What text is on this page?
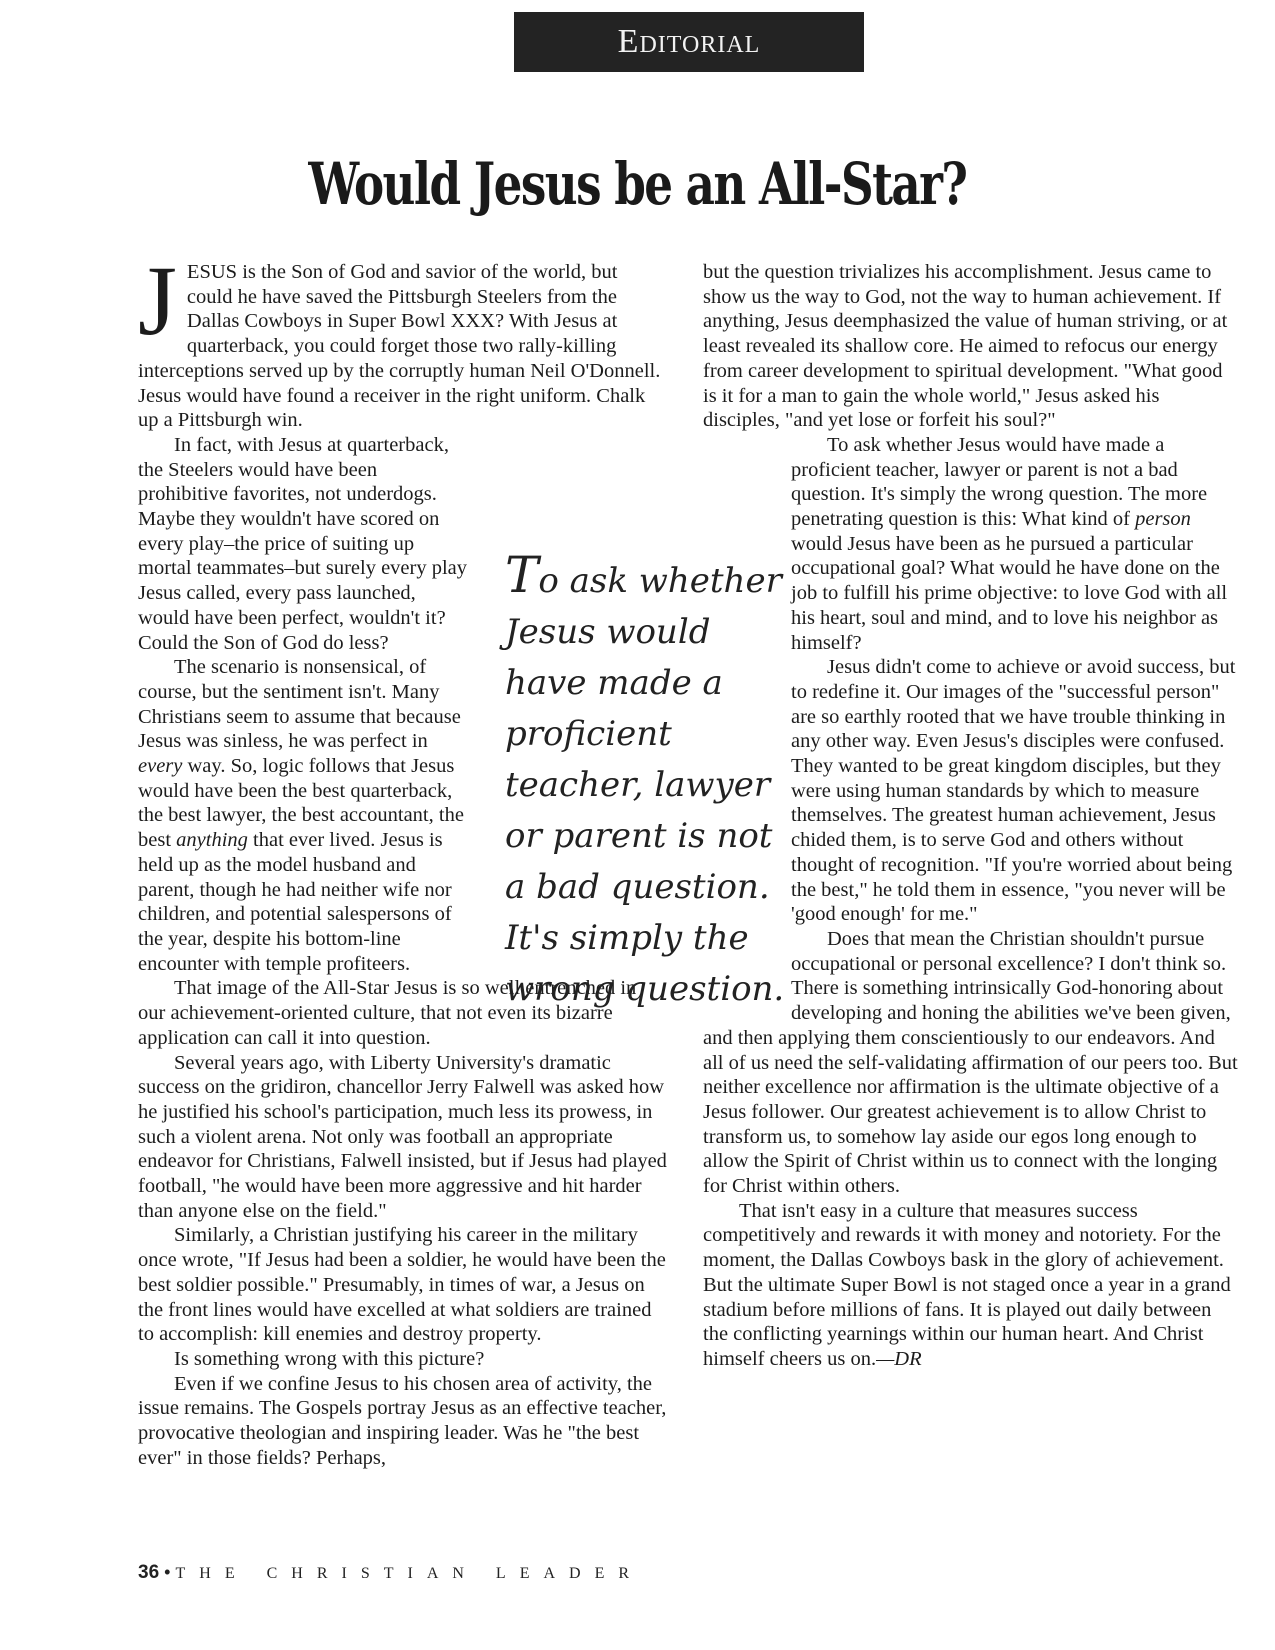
Editorial
Would Jesus be an All-Star?

JESUS is the Son of God and savior of the world, but could he have saved the Pittsburgh Steelers from the Dallas Cowboys in Super Bowl XXX? With Jesus at quarterback, you could forget those two rally-killing interceptions served up by the corruptly human Neil O'Donnell. Jesus would have found a receiver in the right uniform. Chalk up a Pittsburgh win.

In fact, with Jesus at quarterback, the Steelers would have been prohibitive favorites, not underdogs. Maybe they wouldn't have scored on every play–the price of suiting up mortal teammates–but surely every play Jesus called, every pass launched, would have been perfect, wouldn't it? Could the Son of God do less?

The scenario is nonsensical, of course, but the sentiment isn't. Many Christians seem to assume that because Jesus was sinless, he was perfect in every way. So, logic follows that Jesus would have been the best quarterback, the best lawyer, the best accountant, the best anything that ever lived. Jesus is held up as the model husband and parent, though he had neither wife nor children, and potential salespersons of the year, despite his bottom-line encounter with temple profiteers.

That image of the All-Star Jesus is so well entrenched in our achievement-oriented culture, that not even its bizarre application can call it into question.

Several years ago, with Liberty University's dramatic success on the gridiron, chancellor Jerry Falwell was asked how he justified his school's participation, much less its prowess, in such a violent arena. Not only was football an appropriate endeavor for Christians, Falwell insisted, but if Jesus had played football, "he would have been more aggressive and hit harder than anyone else on the field."

Similarly, a Christian justifying his career in the military once wrote, "If Jesus had been a soldier, he would have been the best soldier possible." Presumably, in times of war, a Jesus on the front lines would have excelled at what soldiers are trained to accomplish: kill enemies and destroy property.

Is something wrong with this picture?

Even if we confine Jesus to his chosen area of activity, the issue remains. The Gospels portray Jesus as an effective teacher, provocative theologian and inspiring leader. Was he "the best ever" in those fields? Perhaps,

but the question trivializes his accomplishment. Jesus came to show us the way to God, not the way to human achievement. If anything, Jesus deemphasized the value of human striving, or at least revealed its shallow core. He aimed to refocus our energy from career development to spiritual development. "What good is it for a man to gain the whole world," Jesus asked his disciples, "and yet lose or forfeit his soul?"

To ask whether Jesus would have made a proficient teacher, lawyer or parent is not a bad question. It's simply the wrong question. The more penetrating question is this: What kind of person would Jesus have been as he pursued a particular occupational goal? What would he have done on the job to fulfill his prime objective: to love God with all his heart, soul and mind, and to love his neighbor as himself?

Jesus didn't come to achieve or avoid success, but to redefine it. Our images of the "successful person" are so earthly rooted that we have trouble thinking in any other way. Even Jesus's disciples were confused. They wanted to be great kingdom disciples, but they were using human standards by which to measure themselves. The greatest human achievement, Jesus chided them, is to serve God and others without thought of recognition. "If you're worried about being the best," he told them in essence, "you never will be 'good enough' for me."

Does that mean the Christian shouldn't pursue occupational or personal excellence? I don't think so. There is something intrinsically God-honoring about developing and honing the abilities we've been given, and then applying them conscientiously to our endeavors. And all of us need the self-validating affirmation of our peers too. But neither excellence nor affirmation is the ultimate objective of a Jesus follower. Our greatest achievement is to allow Christ to transform us, to somehow lay aside our egos long enough to allow the Spirit of Christ within us to connect with the longing for Christ within others.

That isn't easy in a culture that measures success competitively and rewards it with money and notoriety. For the moment, the Dallas Cowboys bask in the glory of achievement. But the ultimate Super Bowl is not staged once a year in a grand stadium before millions of fans. It is played out daily between the conflicting yearnings within our human heart. And Christ himself cheers us on.—DR

To ask whether Jesus would have made a proficient teacher, lawyer or parent is not a bad question. It's simply the wrong question.
36 • THE CHRISTIAN LEADER
